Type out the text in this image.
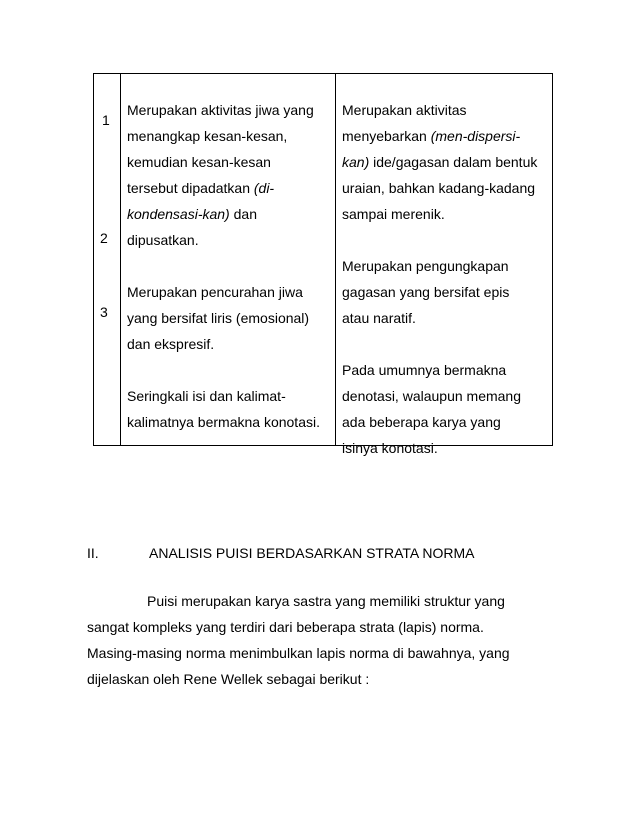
1
2
3
Merupakan aktivitas jiwa yang
menangkap kesan-kesan,
kemudian kesan-kesan
tersebut dipadatkan (di-
kondensasi-kan) dan
dipusatkan.
Merupakan pencurahan jiwa
yang bersifat liris (emosional)
dan ekspresif.
Seringkali isi dan kalimat-
kalimatnya bermakna konotasi.
Merupakan aktivitas
menyebarkan (men-dispersi-
kan) ide/gagasan dalam bentuk
uraian, bahkan kadang-kadang
sampai merenik.
Merupakan pengungkapan
gagasan yang bersifat epis
atau naratif.
Pada umumnya bermakna
denotasi, walaupun memang
ada beberapa karya yang
isinya konotasi.
II.	ANALISIS PUISI BERDASARKAN STRATA NORMA
Puisi merupakan karya sastra yang memiliki struktur yang
sangat kompleks yang terdiri dari beberapa strata (lapis) norma.
Masing-masing norma menimbulkan lapis norma di bawahnya, yang
dijelaskan oleh Rene Wellek sebagai berikut :
